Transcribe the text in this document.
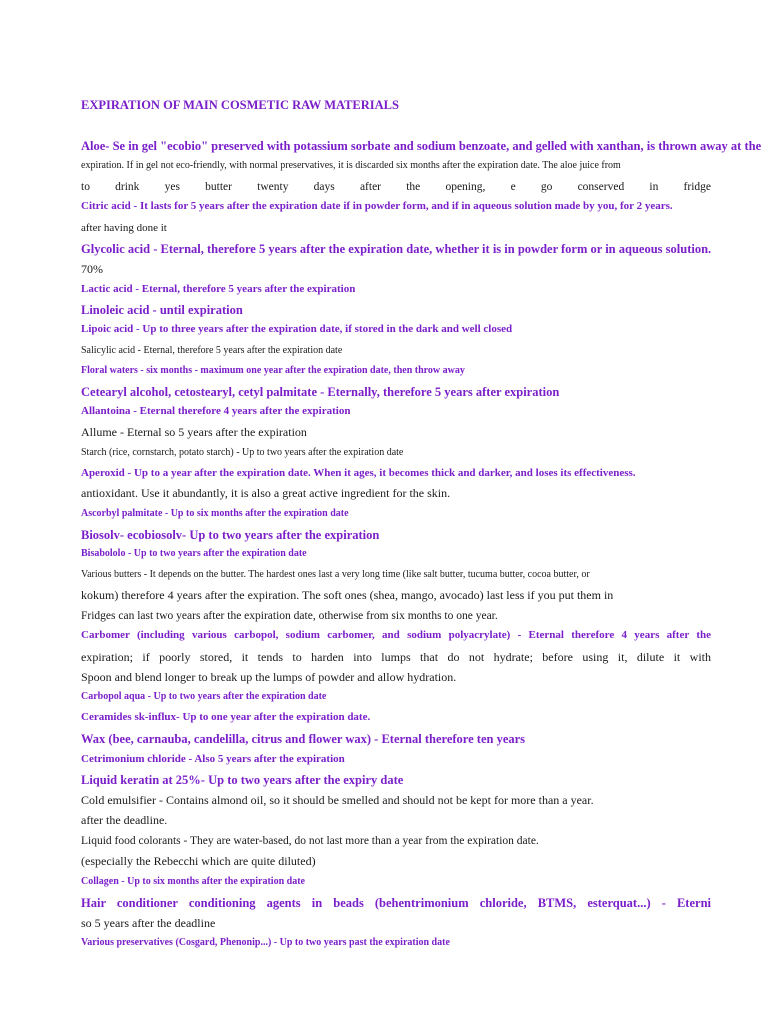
EXPIRATION OF MAIN COSMETIC RAW MATERIALS
Aloe- Se in gel "ecobio" preserved with potassium sorbate and sodium benzoate, and gelled with xanthan, is thrown away at the
expiration. If in gel not eco-friendly, with normal preservatives, it is discarded six months after the expiration date. The aloe juice from
to drink yes butter twenty days after the opening, e go conserved in fridge
Citric acid - It lasts for 5 years after the expiration date if in powder form, and if in aqueous solution made by you, for 2 years.
after having done it
Glycolic acid - Eternal, therefore 5 years after the expiration date, whether it is in powder form or in aqueous solution.
70%
Lactic acid - Eternal, therefore 5 years after the expiration
Linoleic acid - until expiration
Lipoic acid - Up to three years after the expiration date, if stored in the dark and well closed
Salicylic acid - Eternal, therefore 5 years after the expiration date
Floral waters - six months - maximum one year after the expiration date, then throw away
Cetearyl alcohol, cetostearyl, cetyl palmitate - Eternally, therefore 5 years after expiration
Allantoina - Eternal therefore 4 years after the expiration
Allume - Eternal so 5 years after the expiration
Starch (rice, cornstarch, potato starch) - Up to two years after the expiration date
Aperoxid - Up to a year after the expiration date. When it ages, it becomes thick and darker, and loses its effectiveness.
antioxidant. Use it abundantly, it is also a great active ingredient for the skin.
Ascorbyl palmitate - Up to six months after the expiration date
Biosolv- ecobiosolv- Up to two years after the expiration
Bisabololo - Up to two years after the expiration date
Various butters - It depends on the butter. The hardest ones last a very long time (like salt butter, tucuma butter, cocoa butter, or
kokum) therefore 4 years after the expiration. The soft ones (shea, mango, avocado) last less if you put them in
Fridges can last two years after the expiration date, otherwise from six months to one year.
Carbomer (including various carbopol, sodium carbomer, and sodium polyacrylate) - Eternal therefore 4 years after the
expiration; if poorly stored, it tends to harden into lumps that do not hydrate; before using it, dilute it with
Spoon and blend longer to break up the lumps of powder and allow hydration.
Carbopol aqua - Up to two years after the expiration date
Ceramides sk-influx- Up to one year after the expiration date.
Wax (bee, carnauba, candelilla, citrus and flower wax) - Eternal therefore ten years
Cetrimonium chloride - Also 5 years after the expiration
Liquid keratin at 25%- Up to two years after the expiry date
Cold emulsifier - Contains almond oil, so it should be smelled and should not be kept for more than a year.
after the deadline.
Liquid food colorants - They are water-based, do not last more than a year from the expiration date.
(especially the Rebecchi which are quite diluted)
Collagen - Up to six months after the expiration date
Hair conditioner conditioning agents in beads (behentrimonium chloride, BTMS, esterquat...) - Eterni
so 5 years after the deadline
Various preservatives (Cosgard, Phenonip...) - Up to two years past the expiration date
